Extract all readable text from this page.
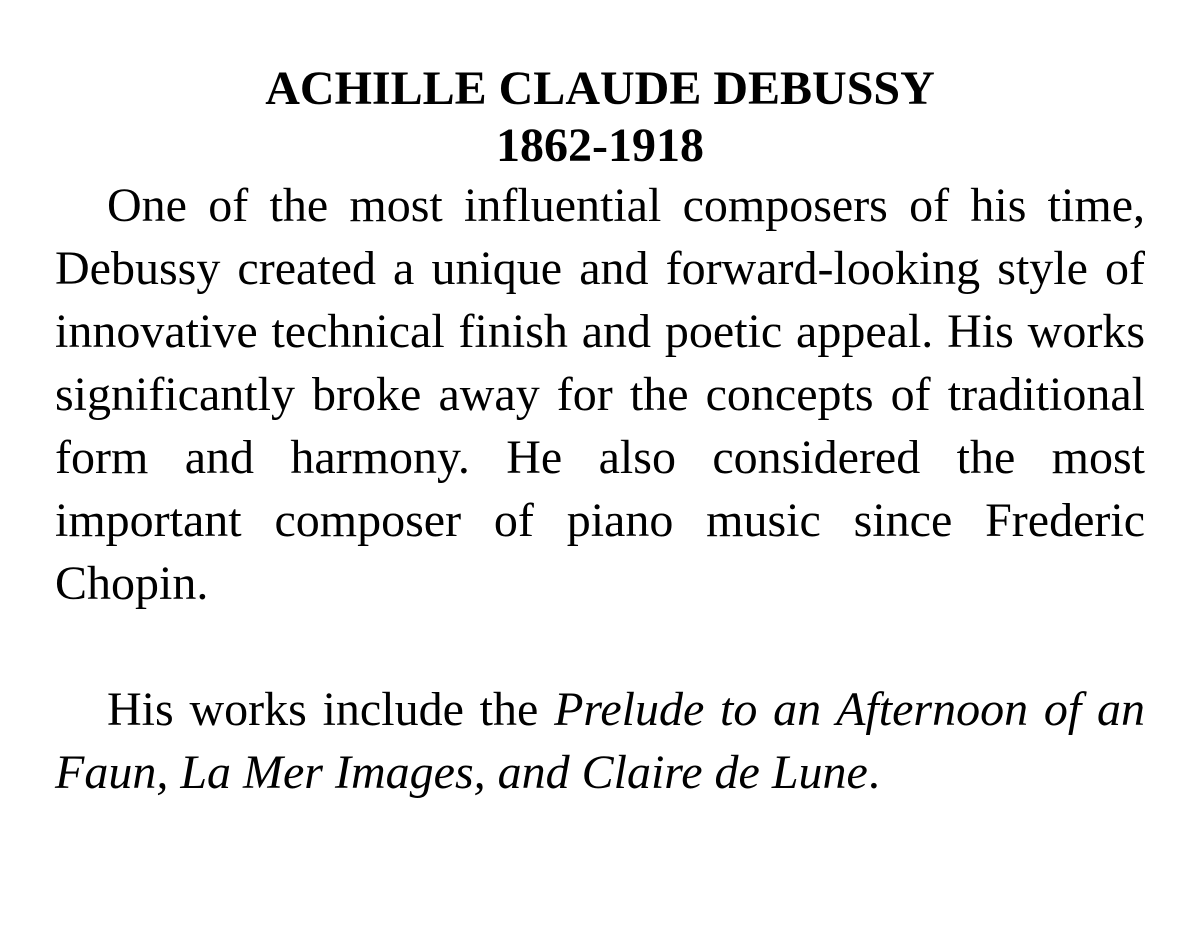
ACHILLE CLAUDE DEBUSSY
1862-1918

One of the most influential composers of his time, Debussy created a unique and forward-looking style of innovative technical finish and poetic appeal. His works significantly broke away for the concepts of traditional form and harmony. He also considered the most important composer of piano music since Frederic Chopin.

His works include the Prelude to an Afternoon of an Faun, La Mer Images, and Claire de Lune.
